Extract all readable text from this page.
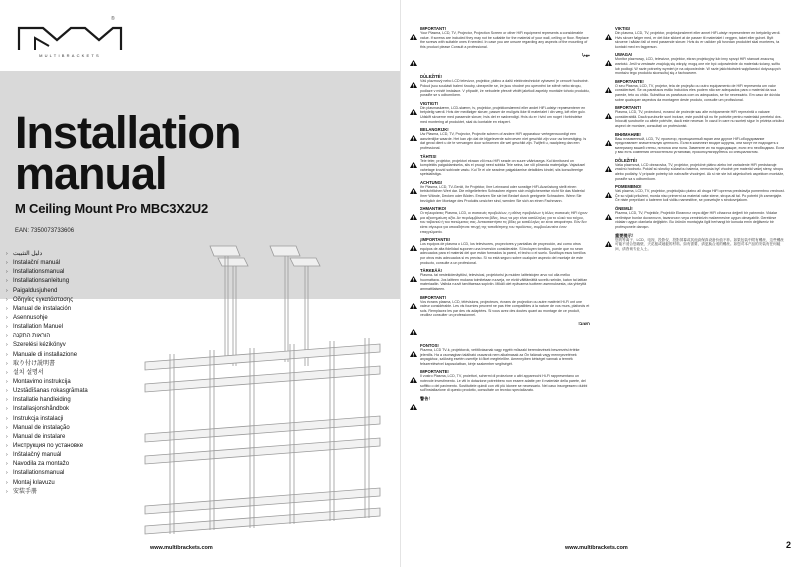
®
MULTIBRACKETS
Installation
manual
M Ceiling Mount Pro MBC3X2U2
EAN: 7350073733606
› دليل التثبيت
› Instalační manuál
› Installationsmanual
› Installationsanleitung
› Paigaldusjuhend
› Οδηγίες εγκατάστασης
› Manual de instalación
› Asennusohje
› Installation Manuel
› הוראות התקנה
› Szerelési kézikönyv
› Manuale di installazione
› 取り付け説明書
› 설치 설명서
› Montavimo instrukcija
› Uzstādīšanas rokasgrāmata
› Installatie handleiding
› Installasjonshåndbok
› Instrukcja instalacji
› Manual de instalação
› Manual de instalare
› Инструкция по установке
› Inštalačný manuál
› Navodila za montažo
› Installationsmanual
› Montaj kılavuzu
› 安装手册
www.multibrackets.com
IMPORTANT!
Your Plasma, LCD, TV, Projector, Projection Screen or other HiFi equipment represents a considerable value. If screws are included they may not be suitable for the material of your wall, ceiling or floor. Replace the screws with suitable ones if needed. In case you are unsure regarding any aspects of the mounting of this product please Consult a professional.
مهم!
DŮLEŽITÉ!
Váš plazmový nebo LCD televizor, projektor, plátno a další elektrotechnické vybavení je cenově hodnotné. Pokud jsou součástí balení šrouby, ubezpečte se, že jsou vhodné pro upevnění ke stěně nebo stropu, podlaze v místě instalace. V případě, že nebudete přesně vědět jakékoli aspekty montáže tohoto produktu, poraďte se s odborníkem.
VIGTIGT!
Din plasmaskærm, LCD-skærm, tv, projektor, projektionslærred eller andet HiFi-udstyr repræsenterer en betydelig værdi. Hvis der medfølger skruer, passer de muligvis ikke til materialet i din væg, loft eller gulv. Udskift skruerne med passende skruer, hvis det er nødvendigt. Hvis du er i tvivl om noget i forbindelse med montering af produktet, skal du kontakte en ekspert.
BELANGRIJK!
Uw Plasma, LCD, TV, Projector, Projectie scherm of andere HiFi apparatuur vertegenwoordigt een aanzienlijke waarde. Het kan zijn dat de bijgeleverde schroeven niet geschikt zijn voor uw bevestiging. Is dat geval dient u de te vervangen door schroeven die wel geschikt zijn. Twijfelt u, raadpleeg dan een professional.
TÄHTIS!
Teie teler, projektor, projektori ekraan või muu HiFi seade on suure väärtusega. Kui kinnitused on komplektis paigaldamiseks, siis ei pruugi need sobida Teie seina, lae või põranda materjaliga. Vajadusel vahetage kruvid sobivate vastu. Kui Te ei ole seadme paigaldamise detailides kindel, siis konsulteerige spetsialistiga.
ACHTUNG!
Ihr Plasma, LCD, TV-Gerät, Ihr Projektor, Ihre Leinwand oder sonstige HiFi-Ausrüstung stellt einen beträchtlichen Wert dar. Die mitgelieferten Schrauben eignen sich möglicherweise nicht für das Material Ihrer Wände, Decken oder Böden. Ersetzen Sie sie bei Bedarf durch geeignete Schrauben. Wenn Sie bezüglich der Montage des Produkts unsicher sind, wenden Sie sich an einen Fachmann.
ΣΗΜΑΝΤΙΚΟ!
Οι τηλεοράσεις Plasma, LCD, οι συσκευές προβολέων, η οθόνη προβολέων ή άλλες συσκευές HiFi έχουν μια αξιοσημείωτη αξία. Αν περιλαμβάνονται βίδες, ίσως να μην είναι κατάλληλες για το υλικό του τοίχου, του ταβανιού ή του πατώματος σας. Αντικαταστήστε τις βίδες με κατάλληλες αν είναι απαραίτητο. Εάν δεν είστε σίγουροι για οποιαδήποτε πτυχή της τοποθέτησης του προϊόντος, συμβουλευτείτε έναν επαγγελματία.
¡IMPORTANTE!
Los equipos de plasma o LCD, los televisores, proyectores y pantallas de proyección, así como otros equipos de alta fidelidad suponen una inversión considerable. Si incluyen tornillos, puede que no sean adecuados para el material del que están formados la pared, el techo o el suelo. Sustituya esos tornillos por otros más adecuados si es preciso. Si no está seguro sobre cualquier aspecto del montaje de este producto, consulte a un profesional.
TÄRKEÄÄ!
Plasma- tai nestekidenäyttösi, televisiosi, projektorisi ja muiden laitteistojen arvo voi olla melko huomattava. Jos laitteen mukana toimitetaan ruuveja, ne eivät välttämättä sovellu seinän, katon tai lattian materiaaliin. Vaihda ruuvit tarvittaessa sopiviin. Mikäli olet epävarma tuotteen asennuksesta, ota yhteyttä ammattilaiseen.
IMPORTANT!
Vos écrans plasma, LCD, télévisions, projecteurs, écrans de projection ou autre matériel Hi-Fi ont une valeur considérable. Les vis fournies peuvent ne pas être compatibles à la nature de vos murs, plafonds et sols. Remplacez les par des vis adaptées. Si vous avez des doutes quant au montage de ce produit, veuillez consulter un professionnel.
חשוב!
FONTOS!
Plazma, LCD TV-k, projektorok, vetítővásznak vagy egyéb műszaki berendezések beszerzési értéke jelentős. Ha a csomagban található csavarok nem alkalmasak az Ön falának vagy mennyezetének anyagához, szükség esetén cserélje ki őket megfelelőre. Amennyiben kétségei vannak a termék felszerelésével kapcsolatban, kérje szakember segítségét.
IMPORTANTE!
Il vostro Plasma, LCD, TV, proiettori, schermi di proiezione o altri apparecchi Hi-Fi rappresentano un notevole investimento. Le viti in dotazione potrebbero non essere adatte per il materiale della parete, del soffitto o del pavimento. Sostituitele quindi con viti più idonee se necessario. Nel caso insorgessero dubbi sull'installazione di questo prodotto, consultate un tecnico specializzato.
警告！
VIKTIG!
Din plasma, LCD, TV, projektor, projeksjonslerret eller annet HiFi-utstyr representerer en betydelig verdi. Hvis skruer følger med, er det ikke sikkert at de passer til materialet i veggen, taket eller gulvet. Bytt skruene i sådan fall ut med passende skruer. Hvis du er usikker på hvordan produktet skal monteres, ta kontakt med en fagperson.
UWAGA!
Monitor plazmowy, LCD, telewizor, projektor, ekran projekcyjny lub inny sprzęt HiFi stanowi znaczną wartość. Jeśli w zestawie znajdują się wkręty, mogą one nie być odpowiednie do materiału ściany, sufitu lub podłogi. W razie potrzeby wymień je na odpowiednie. W razie jakichkolwiek wątpliwości dotyczących montażu tego produktu skonsultuj się z fachowcem.
IMPORTANTE!
O seu Plasma, LCD, TV, projetor, tela de projeção ou outro equipamento de HiFi representa um valor considerável. Se os parafusos estão incluídos eles podem não ser adequados para o material da sua parede, teto ou chão. Substitua os parafusos com os adequados, se for necessário. Em caso de dúvida sobre quaisquer aspectos da montagem deste produto, consulte um profissional.
IMPORTANT!
Plasma, LCD, TV, proiectorul, ecranul de proiecție sau alte echipamente HiFi reprezintă o valoare considerabilă. Dacă șuruburile sunt incluse, este posibil să nu fie potrivite pentru materialul peretelui dvs. Înlocuiți șuruburile cu altele potrivite, dacă este necesar. În cazul în care nu sunteți sigur în privința oricărui aspect de montare, consultați un profesionist.
ВНИМАНИЕ!
Ваш плазменный, LCD, TV, проектор, проекционный экран или другое HiFi-оборудование представляет значительную ценность. Если в комплект входят шурупы, они могут не подходить к материалу вашей стены, потолка или пола. Замените их на подходящие, если это необходимо. Если у вас есть сомнения относительно установки, проконсультируйтесь со специалистом.
DÔLEŽITÉ!
Vaša plazmová, LCD obrazovka, TV, projektor, projekčné plátno alebo iné zariadenie HiFi predstavuje značnú hodnotu. Pokiaľ sú skrutky súčasťou balenia, nemusia byť vhodné pre materiál vašej steny, stropu alebo podlahy. V prípade potreby ich nahraďte vhodnými. Ak si nie ste istí akýmkoľvek aspektom montáže, poraďte sa s odborníkom.
POMEMBNO!
Vaš plazma, LCD, TV, projektor, projekcijsko platno ali druga HiFi oprema predstavlja pomembno vrednost. Če so vijaki priloženi, morda niso primerni za material vaše stene, stropa ali tal. Po potrebi jih zamenjajte. Če niste prepričani o katerem koli vidiku namestitve, se posvetujte s strokovnjakom.
ÖNEMLİ!
Plazma, LCD, TV, Projektör, Projektör Ekranınız veya diğer HiFi cihazınız değerli bir yatırımdır. Vidalar verilmişse bunlar duvarınızın, tavanınızın veya zemininizin malzemesine uygun olmayabilir. Gerekirse vidaları uygun olanlarla değiştirin. Bu ürünün montajıyla ilgili herhangi bir konuda emin değilseniz bir profesyonele danışın.
重要提示！
您的等离子、LCD、电视、投影仪、投影屏幕或其他高保真设备价值不菲。如果包装中附有螺丝，这些螺丝可能不适合您墙壁、天花板或地板的材料。如有需要，请更换合适的螺丝。如您对本产品的安装有任何疑问，请咨询专业人士。
www.multibrackets.com	2
